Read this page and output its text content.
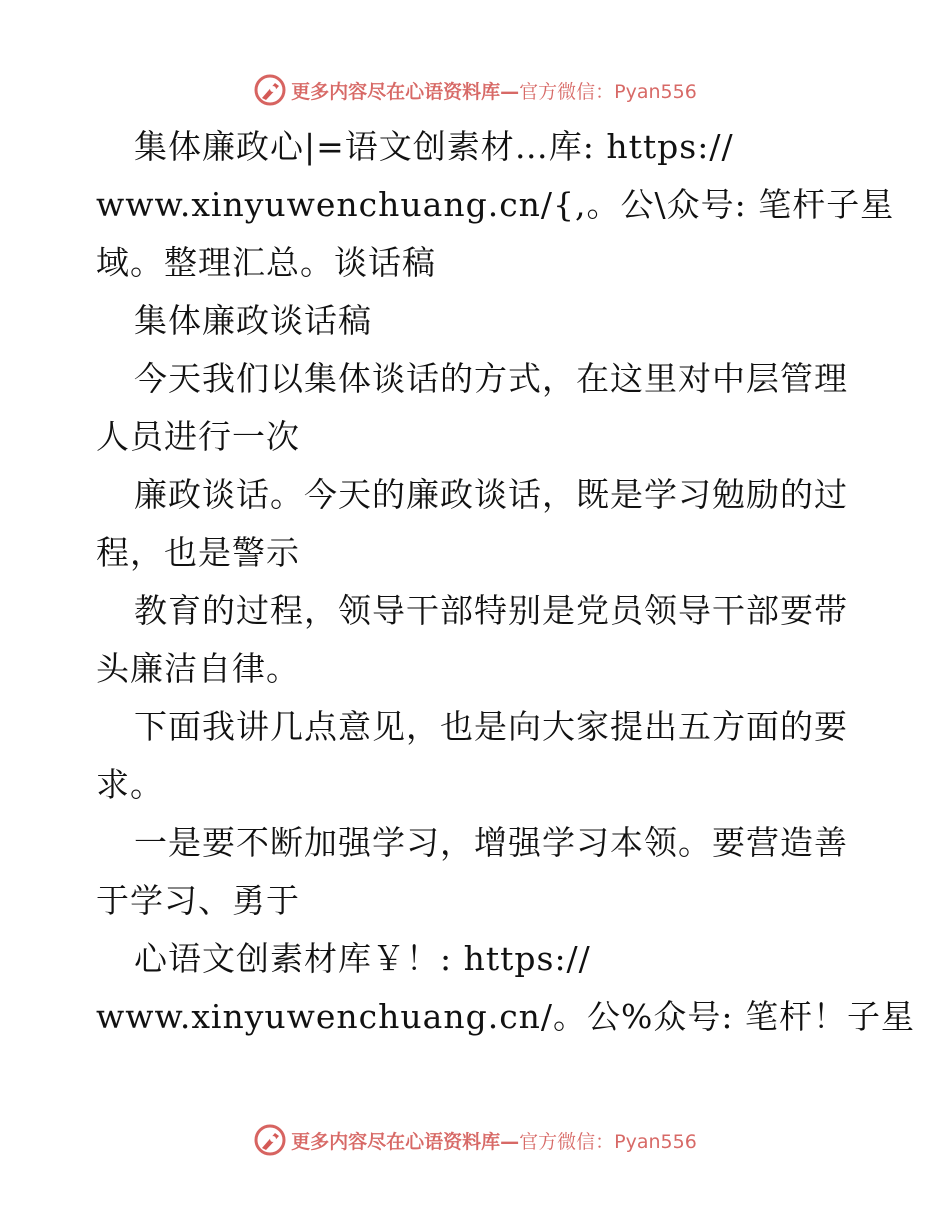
更多内容尽在心语资料库— 官方微信：Pyan556
集体廉政心|=语文创素材…库: https://
www.xinyuwenchuang.cn/{,。公\众号: 笔杆子星
域。整理汇总。谈话稿
集体廉政谈话稿
今天我们以集体谈话的方式，在这里对中层管理
人员进行一次
廉政谈话。今天的廉政谈话，既是学习勉励的过
程，也是警示
教育的过程，领导干部特别是党员领导干部要带
头廉洁自律。
下面我讲几点意见，也是向大家提出五方面的要
求。
一是要不断加强学习，增强学习本领。要营造善
于学习、勇于
心语文创素材库￥！: https://
www.xinyuwenchuang.cn/。公%众号: 笔杆！子星
更多内容尽在心语资料库— 官方微信：Pyan556
